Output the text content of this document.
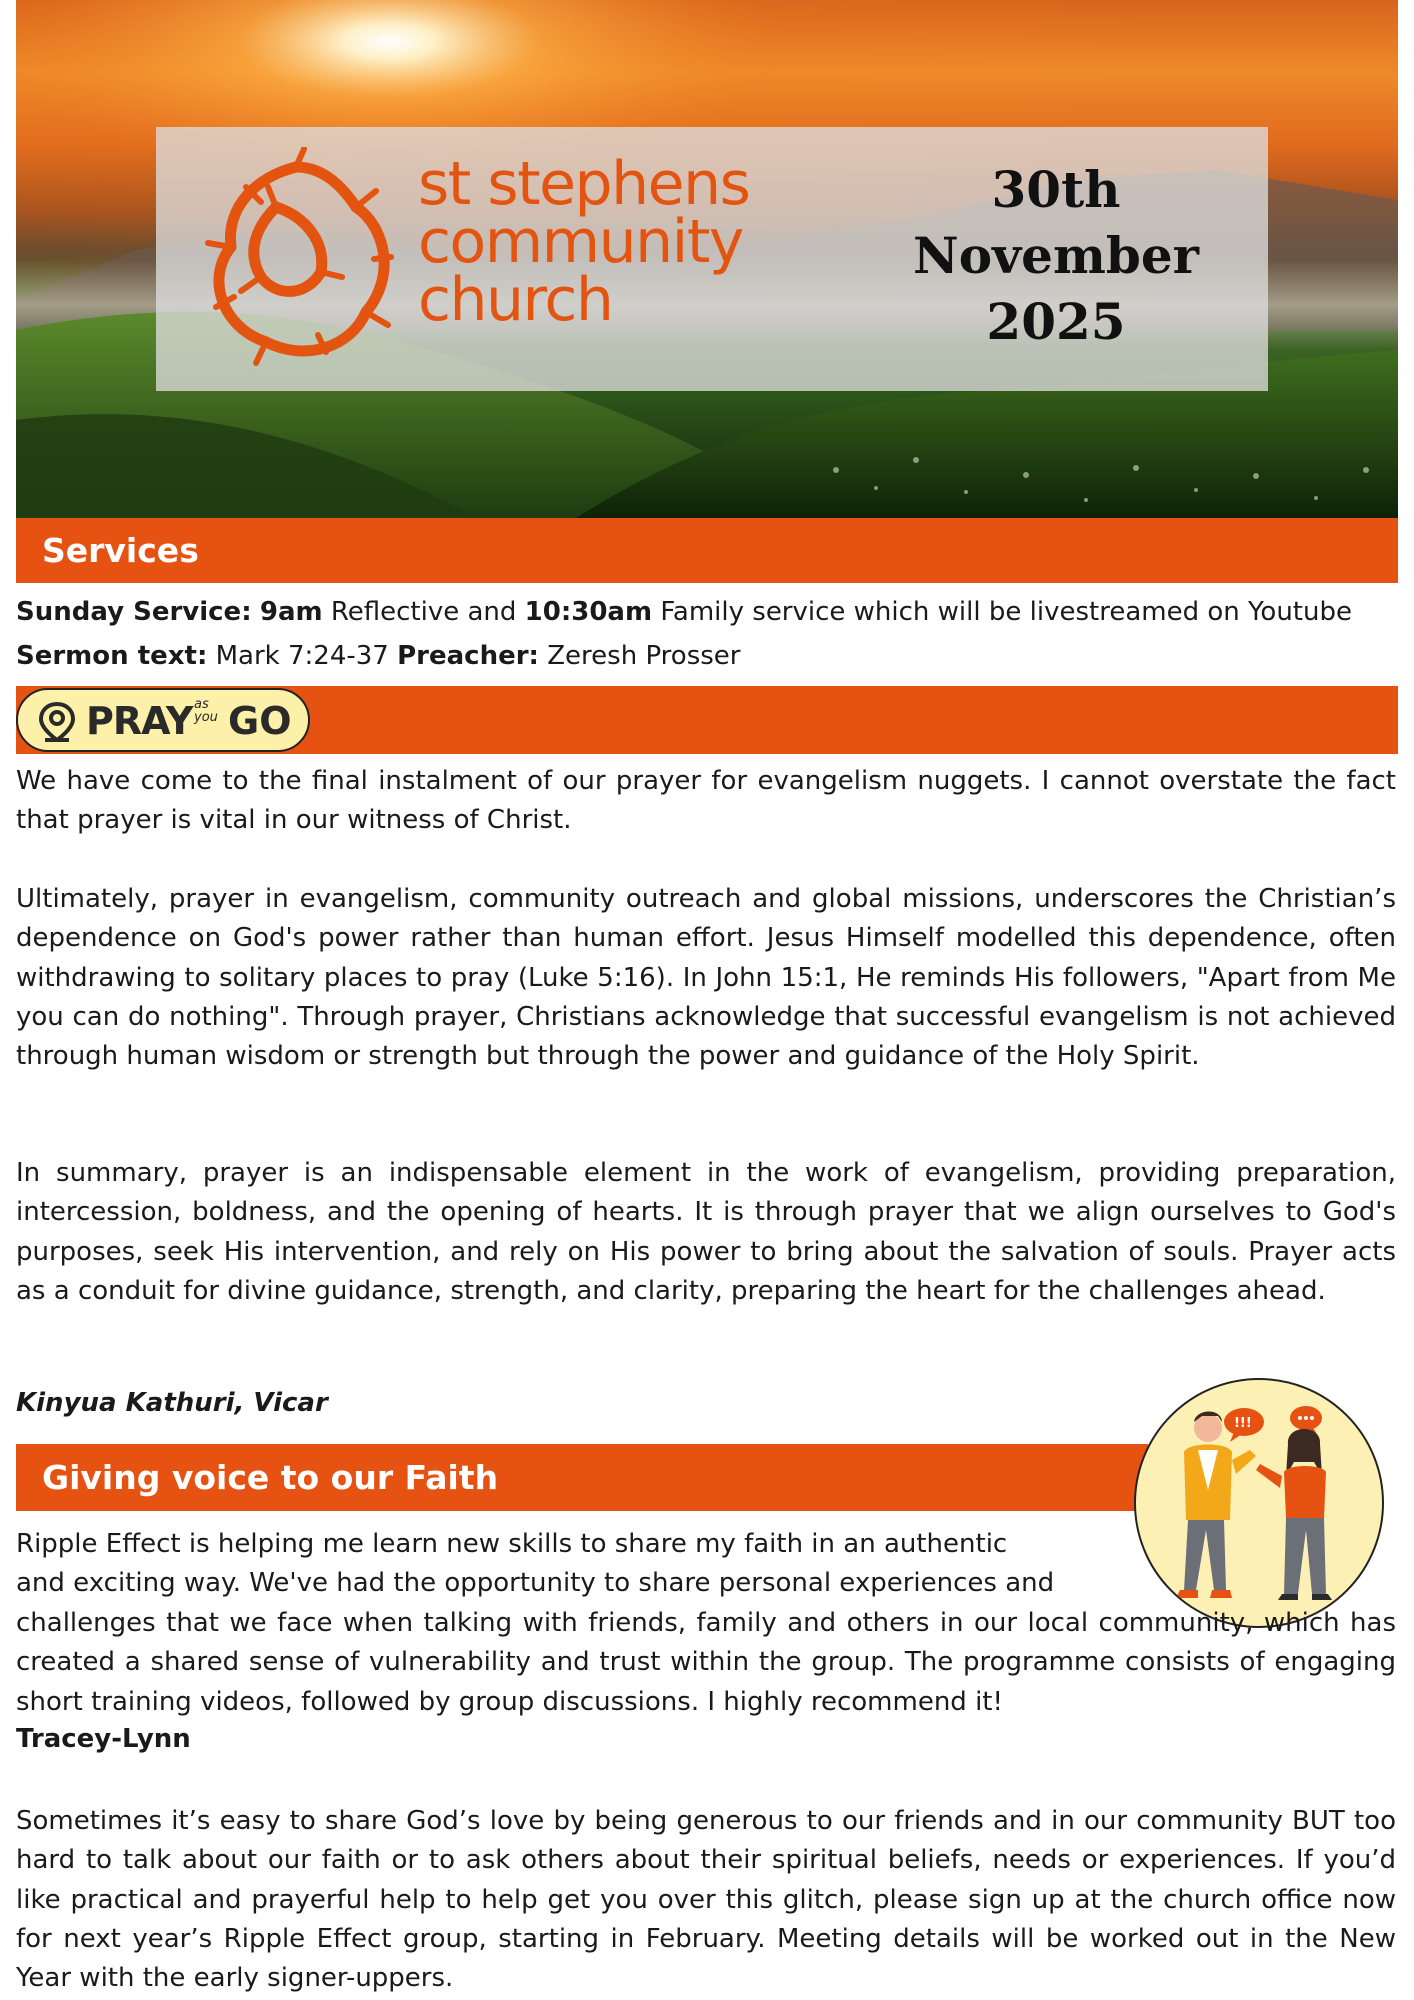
st stephens
community
church
30th
November
2025
Services
Sunday Service: 9am Reflective and 10:30am Family service which will be livestreamed on Youtube
Sermon text: Mark 7:24-37 Preacher: Zeresh Prosser
PRAY as
you GO

We have come to the final instalment of our prayer for evangelism nuggets. I cannot overstate the fact that prayer is vital in our witness of Christ.

Ultimately, prayer in evangelism, community outreach and global missions, underscores the Christian’s dependence on God's power rather than human effort. Jesus Himself modelled this dependence, often withdrawing to solitary places to pray (Luke 5:16). In John 15:1, He reminds His followers, "Apart from Me you can do nothing". Through prayer, Christians acknowledge that successful evangelism is not achieved through human wisdom or strength but through the power and guidance of the Holy Spirit.

In summary, prayer is an indispensable element in the work of evangelism, providing preparation, intercession, boldness, and the opening of hearts. It is through prayer that we align ourselves to God's purposes, seek His intervention, and rely on His power to bring about the salvation of souls. Prayer acts as a conduit for divine guidance, strength, and clarity, preparing the heart for the challenges ahead.

Kinyua Kathuri, Vicar
Giving voice to our Faith
!!!

Ripple Effect is helping me learn new skills to share my faith in an authentic
and exciting way. We've had the opportunity to share personal experiences and

challenges that we face when talking with friends, family and others in our local community, which has created a shared sense of vulnerability and trust within the group. The programme consists of engaging short training videos, followed by group discussions. I highly recommend it!

Tracey-Lynn

Sometimes it’s easy to share God’s love by being generous to our friends and in our community BUT too hard to talk about our faith or to ask others about their spiritual beliefs, needs or experiences. If you’d like practical and prayerful help to help get you over this glitch, please sign up at the church office now for next year’s Ripple Effect group, starting in February. Meeting details will be worked out in the New Year with the early signer-uppers.
